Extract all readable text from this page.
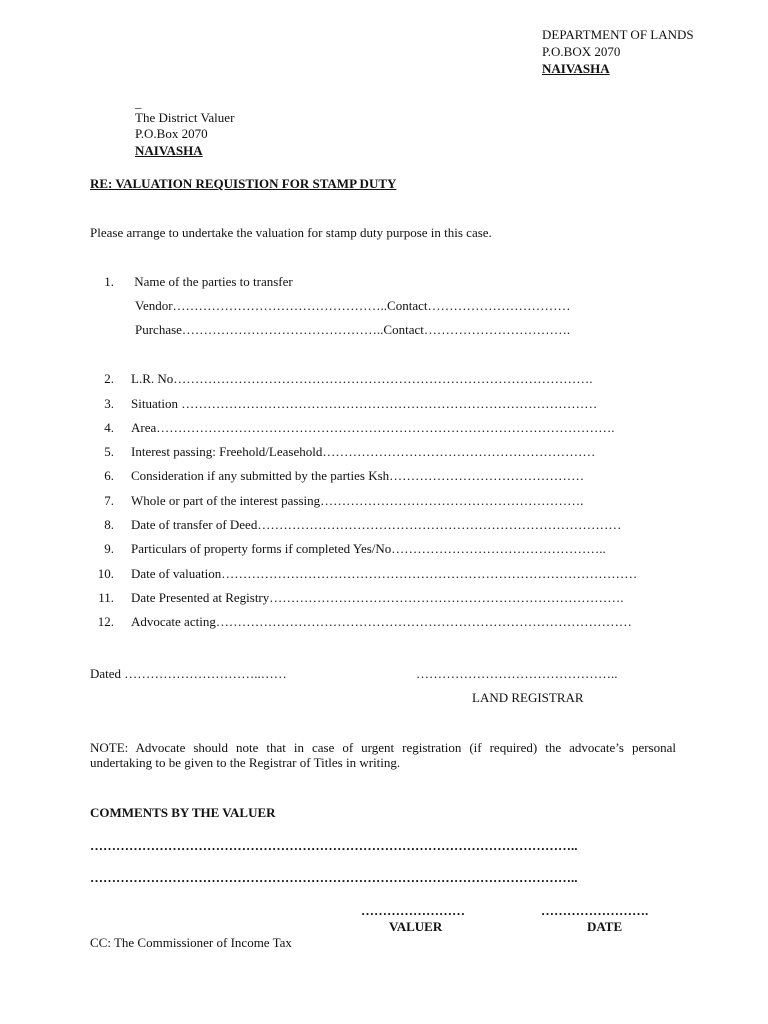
DEPARTMENT OF LANDS
P.O.BOX 2070
NAIVASHA
_
The District Valuer
P.O.Box 2070
NAIVASHA
RE: VALUATION REQUISTION FOR STAMP DUTY
Please arrange to undertake the valuation for stamp duty purpose in this case.
1. Name of the parties to transfer
Vendor…………………………………………..Contact……………………………
Purchase………………………………………..Contact…………………………….
2. L.R. No…………………………………………………………………………………….
3. Situation ……………………………………………………………………………………
4. Area…………………………………………………………………………………………….
5. Interest passing: Freehold/Leasehold………………………………………………………
6. Consideration if any submitted by the parties Ksh………………………………………
7. Whole or part of the interest passing…………………………………………………….
8. Date of transfer of Deed…………………………………………………………………………
9. Particulars of property forms if completed Yes/No…………………………………………..
10. Date of valuation……………………………………………………………………………………
11. Date Presented at Registry……………………………………………………………………….
12. Advocate acting……………………………………………………………………………………
Dated …………………………..……	………………………………………..
LAND REGISTRAR
NOTE: Advocate should note that in case of urgent registration (if required) the advocate’s personal
undertaking to be given to the Registrar of Titles in writing.
COMMENTS BY THE VALUER
…………………………………………………………………………………………………..
…………………………………………………………………………………………………..
……………………	…………………….
VALUER	DATE
CC: The Commissioner of Income Tax
